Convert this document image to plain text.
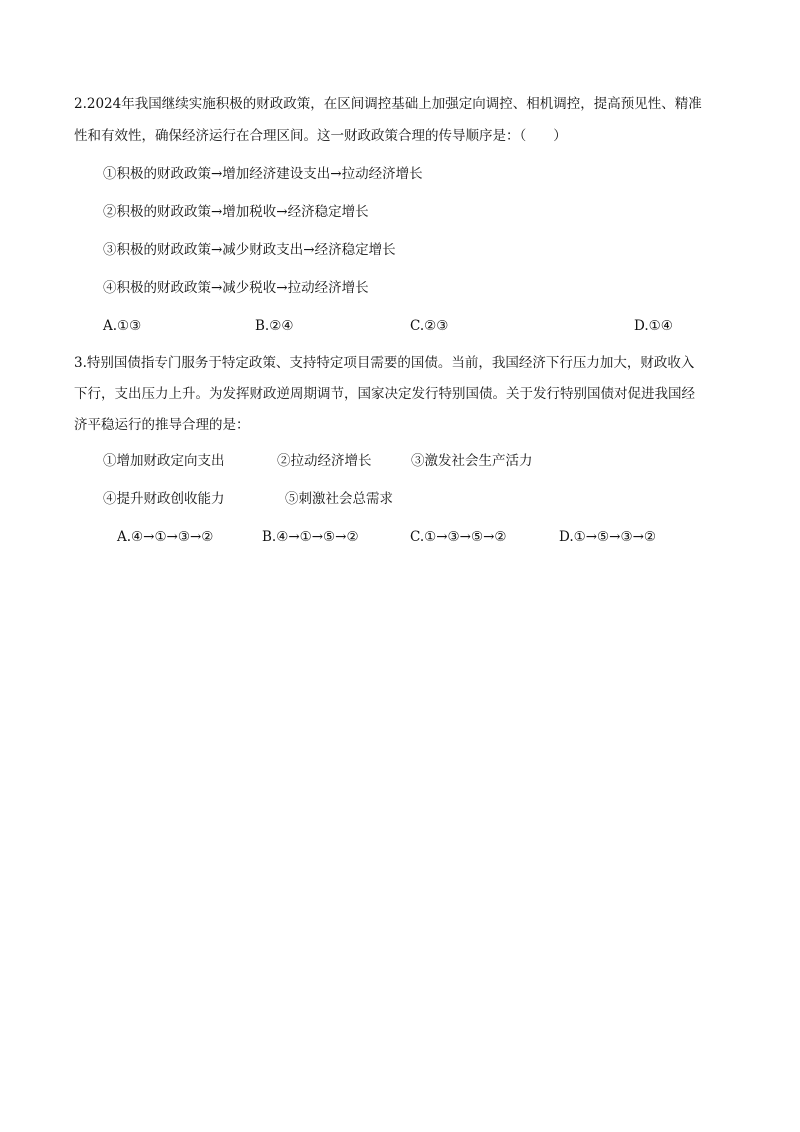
2.2024年我国继续实施积极的财政政策，在区间调控基础上加强定向调控、相机调控，提高预见性、精准
性和有效性，确保经济运行在合理区间。这一财政政策合理的传导顺序是：（　　）
①积极的财政政策→增加经济建设支出→拉动经济增长
②积极的财政政策→增加税收→经济稳定增长
③积极的财政政策→减少财政支出→经济稳定增长
④积极的财政政策→减少税收→拉动经济增长
A.①③	B.②④	C.②③	D.①④
3.特别国债指专门服务于特定政策、支持特定项目需要的国债。当前，我国经济下行压力加大，财政收入
下行，支出压力上升。为发挥财政逆周期调节，国家决定发行特别国债。关于发行特别国债对促进我国经
济平稳运行的推导合理的是：
①增加财政定向支出	②拉动经济增长	③激发社会生产活力
④提升财政创收能力	⑤刺激社会总需求
A.④→①→③→②	B.④→①→⑤→②	C.①→③→⑤→②	D.①→⑤→③→②
